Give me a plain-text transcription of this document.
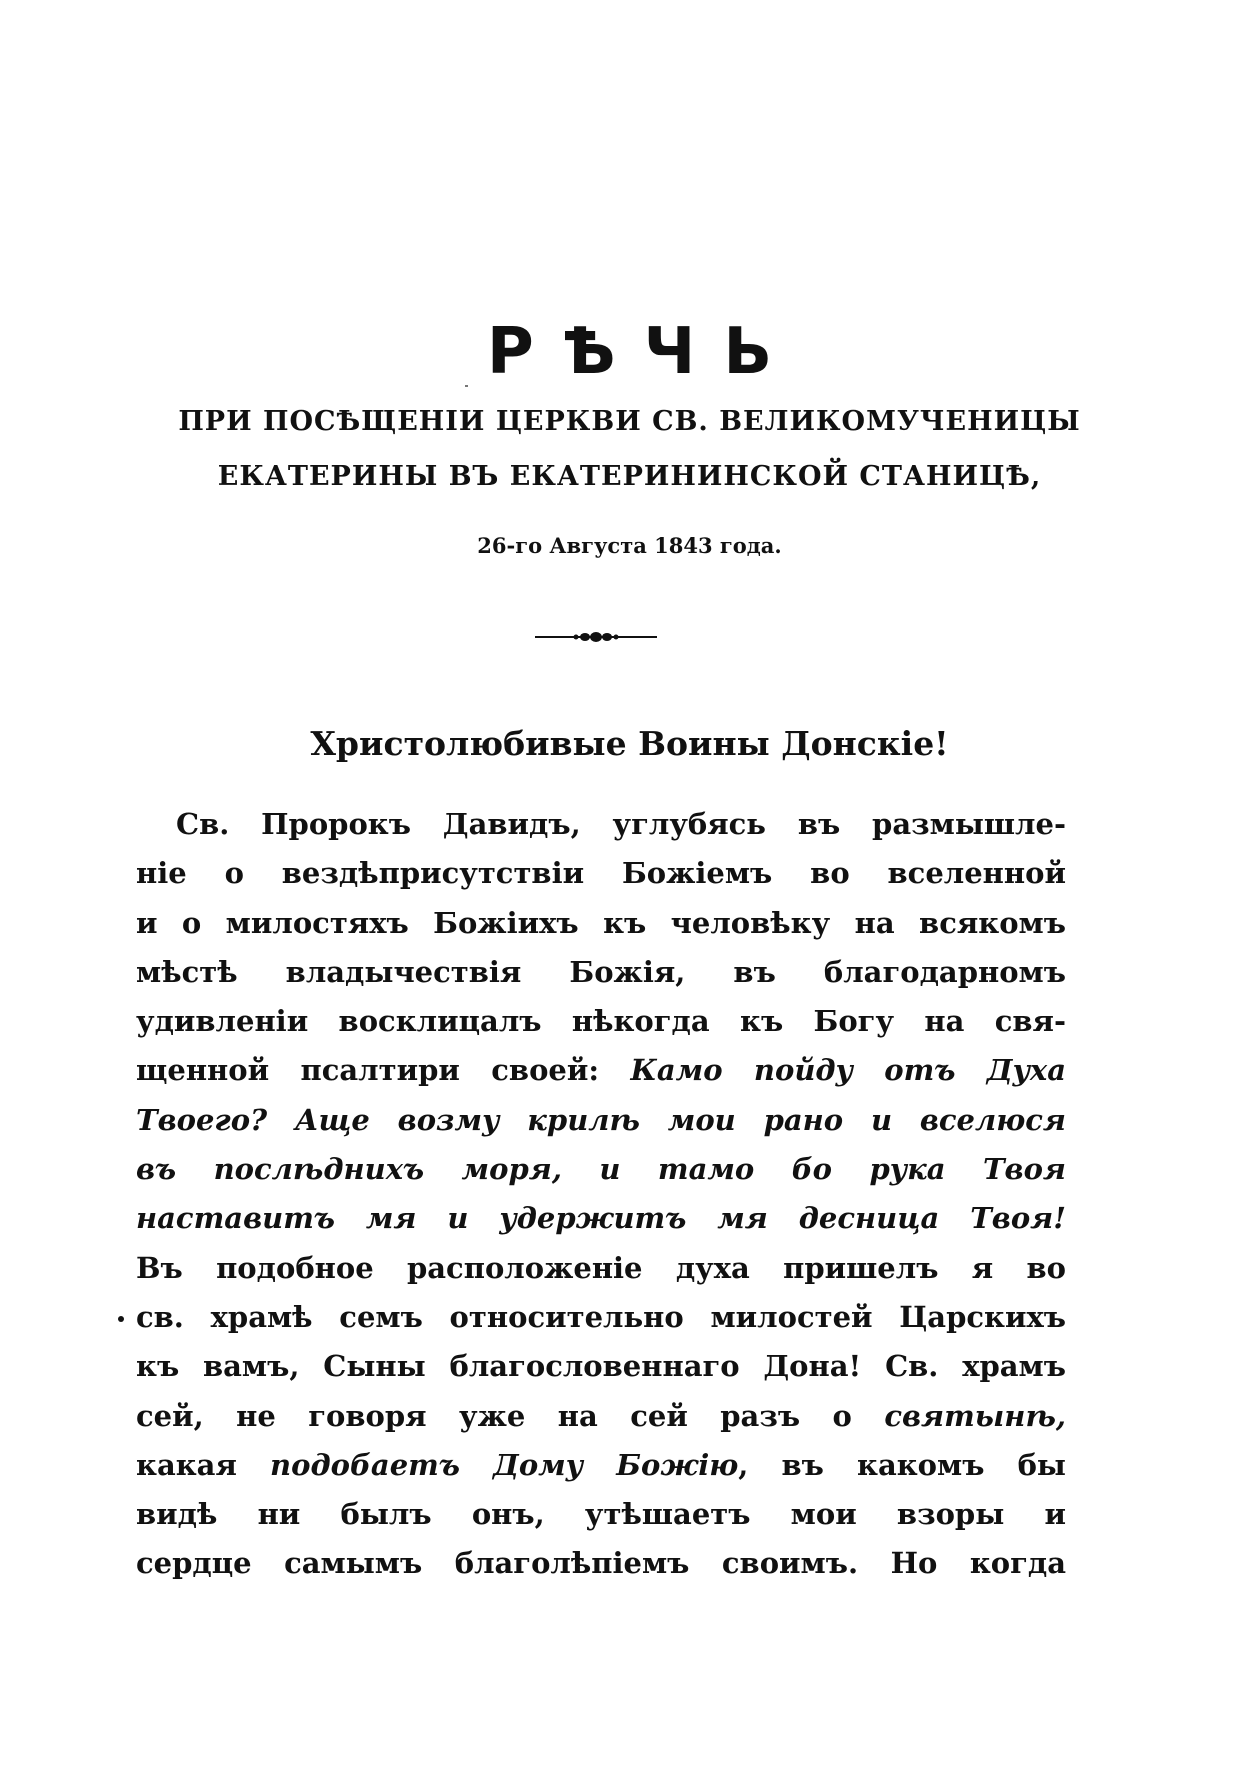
РѢЧЬ
ПРИ ПОСѢЩЕНІИ ЦЕРКВИ СВ. ВЕЛИКОМУЧЕНИЦЫ
ЕКАТЕРИНЫ ВЪ ЕКАТЕРИНИНСКОЙ СТАНИЦѢ,
26-го Августа 1843 года.
Христолюбивые Воины Донскіе!
Св. Пророкъ Давидъ, углубясь въ размышле-
ніе о вездѣприсутствіи Божіемъ во вселенной
и о милостяхъ Божіихъ къ человѣку на всякомъ
мѣстѣ владычествія Божія, въ благодарномъ
удивленіи восклицалъ нѣкогда къ Богу на свя-
щенной псалтири своей: Камо пойду отъ Духа
Твоего? Аще возму крилѣ мои рано и вселюся
въ послѣднихъ моря, и тамо бо рука Твоя
наставитъ мя и удержитъ мя десница Твоя!
Въ подобное расположеніе духа пришелъ я во
св. храмѣ семъ относительно милостей Царскихъ
къ вамъ, Сыны благословеннаго Дона! Св. храмъ
сей, не говоря уже на сей разъ о святынѣ,
какая подобаетъ Дому Божію, въ какомъ бы
видѣ ни былъ онъ, утѣшаетъ мои взоры и
сердце самымъ благолѣпіемъ своимъ. Но когда
